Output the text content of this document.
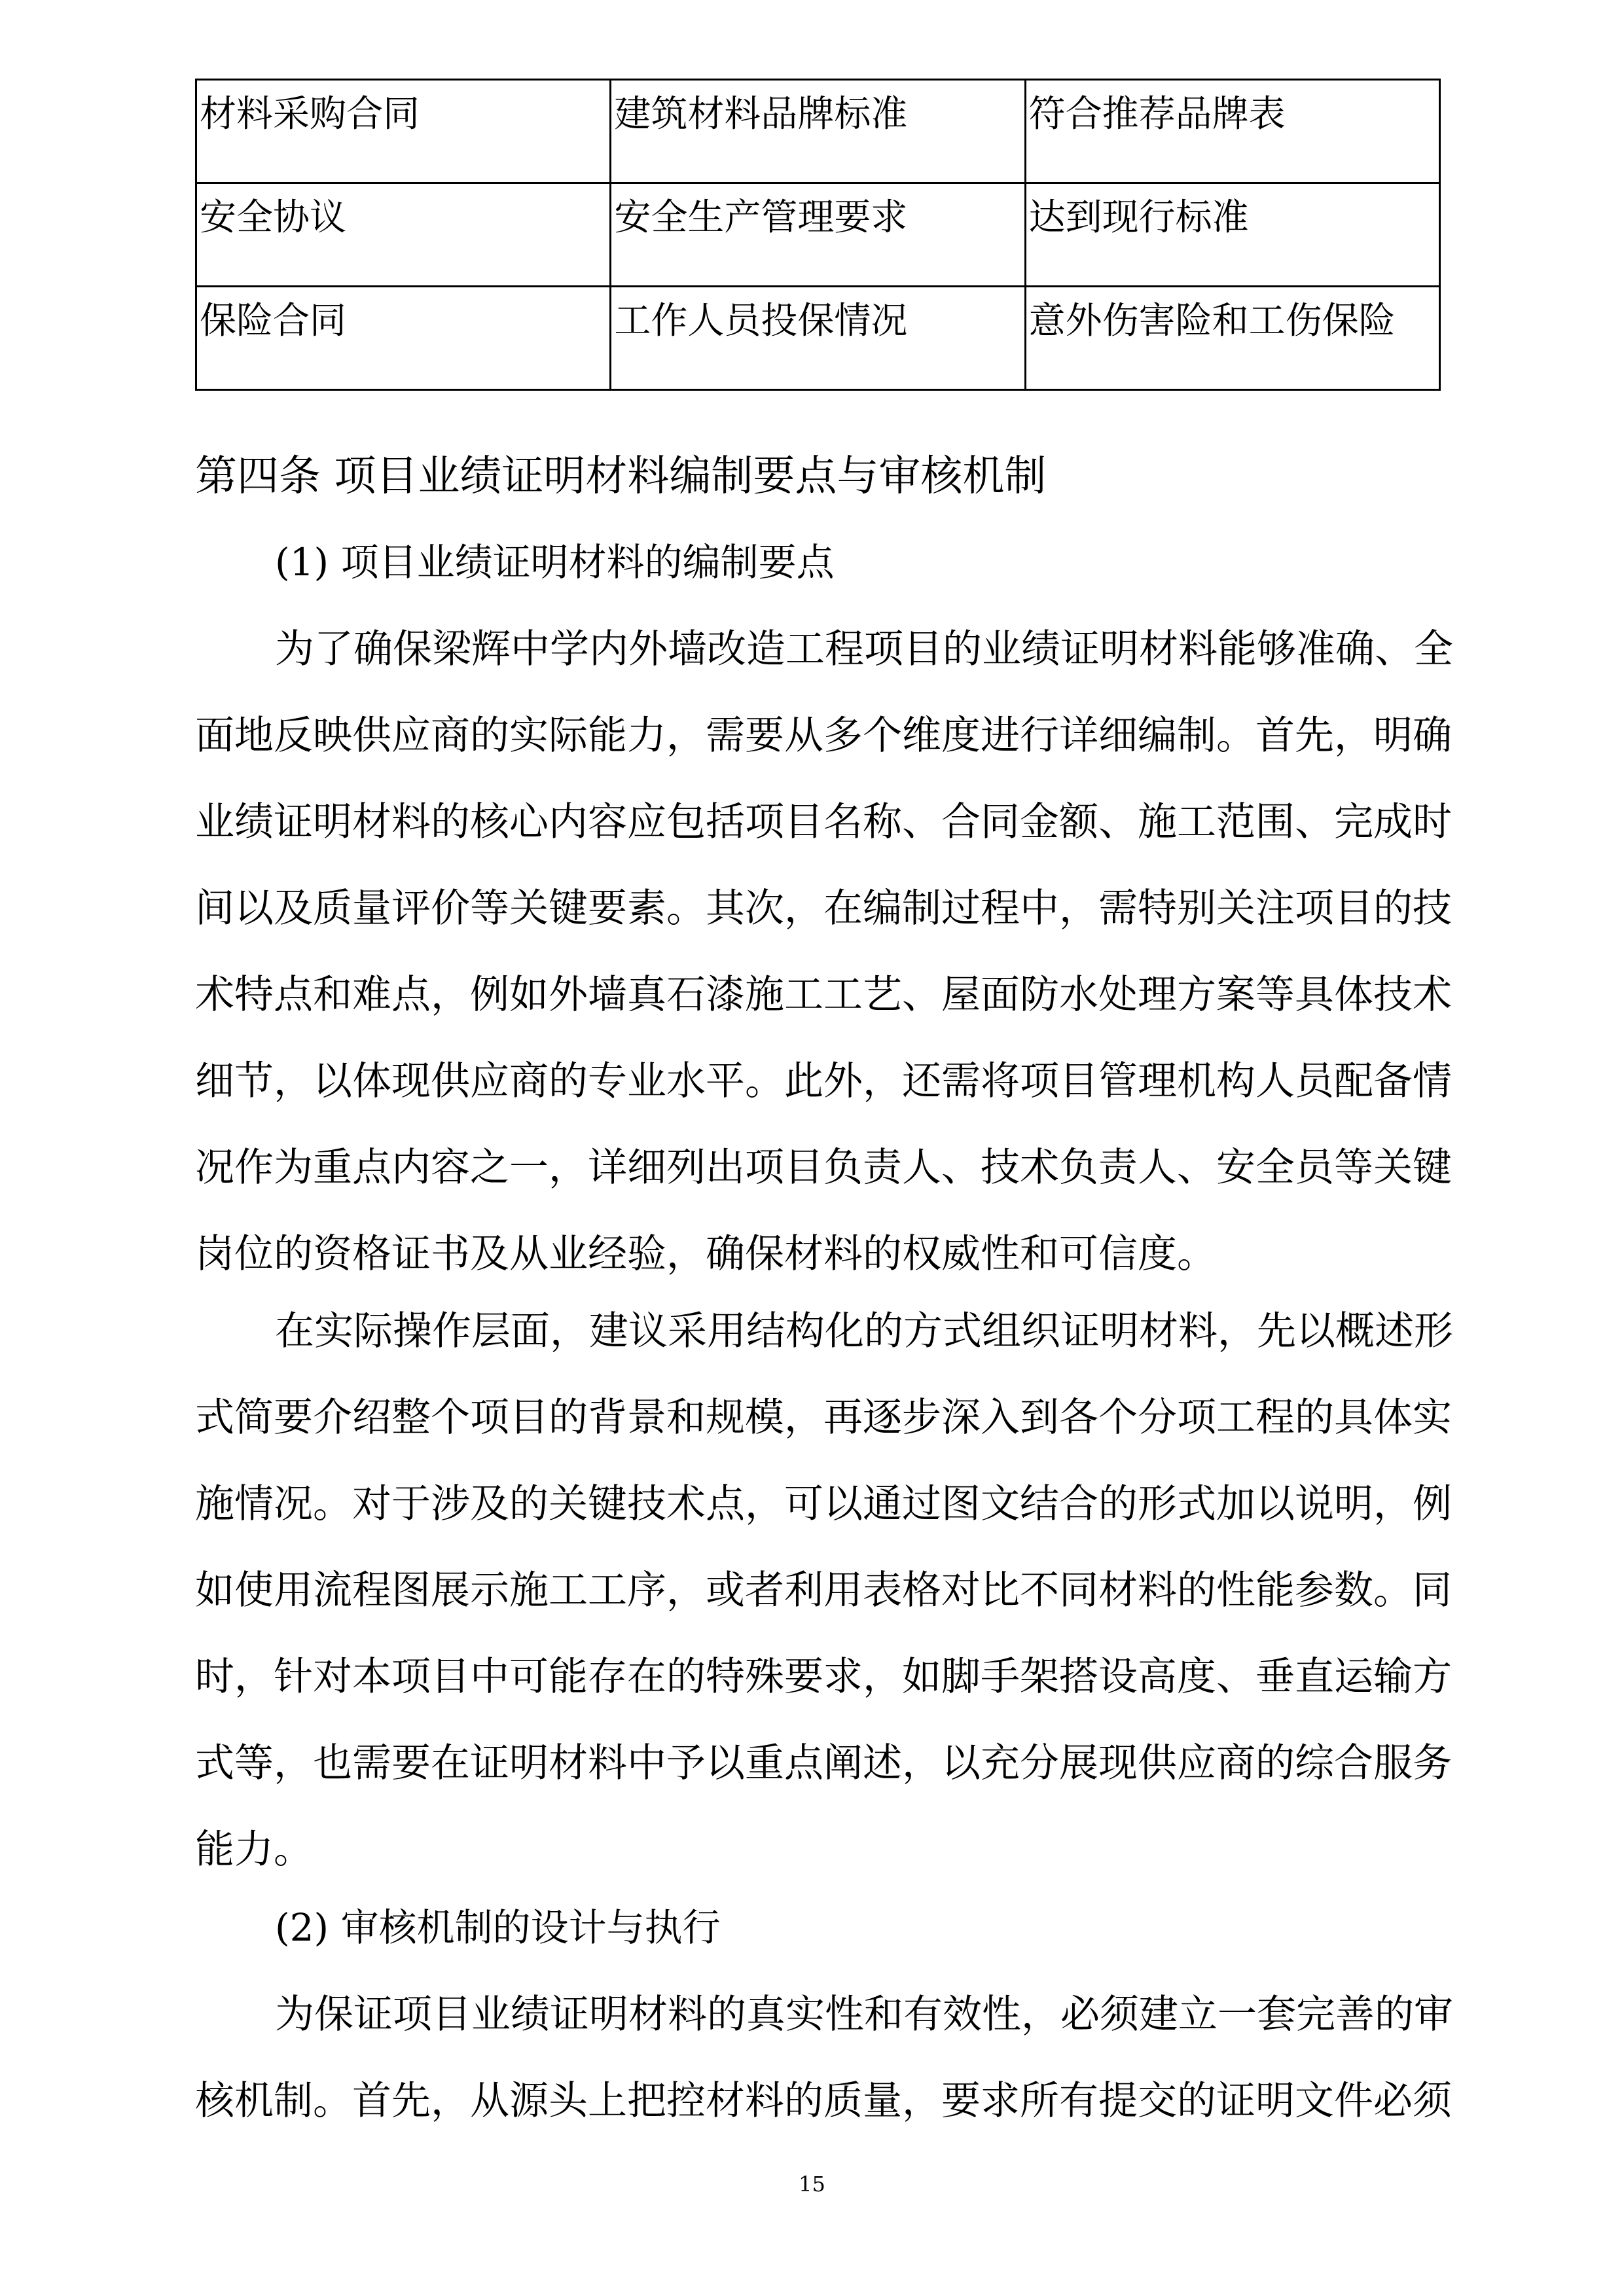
材料采购合同	建筑材料品牌标准	符合推荐品牌表
安全协议	安全生产管理要求	达到现行标准
保险合同	工作人员投保情况	意外伤害险和工伤保险
第四条 项目业绩证明材料编制要点与审核机制
(1) 项目业绩证明材料的编制要点
为了确保梁辉中学内外墙改造工程项目的业绩证明材料能够准确、全
面地反映供应商的实际能力，需要从多个维度进行详细编制。首先，明确
业绩证明材料的核心内容应包括项目名称、合同金额、施工范围、完成时
间以及质量评价等关键要素。其次，在编制过程中，需特别关注项目的技
术特点和难点，例如外墙真石漆施工工艺、屋面防水处理方案等具体技术
细节，以体现供应商的专业水平。此外，还需将项目管理机构人员配备情
况作为重点内容之一，详细列出项目负责人、技术负责人、安全员等关键
岗位的资格证书及从业经验，确保材料的权威性和可信度。
在实际操作层面，建议采用结构化的方式组织证明材料，先以概述形
式简要介绍整个项目的背景和规模，再逐步深入到各个分项工程的具体实
施情况。对于涉及的关键技术点，可以通过图文结合的形式加以说明，例
如使用流程图展示施工工序，或者利用表格对比不同材料的性能参数。同
时，针对本项目中可能存在的特殊要求，如脚手架搭设高度、垂直运输方
式等，也需要在证明材料中予以重点阐述，以充分展现供应商的综合服务
能力。
(2) 审核机制的设计与执行
为保证项目业绩证明材料的真实性和有效性，必须建立一套完善的审
核机制。首先，从源头上把控材料的质量，要求所有提交的证明文件必须
15
